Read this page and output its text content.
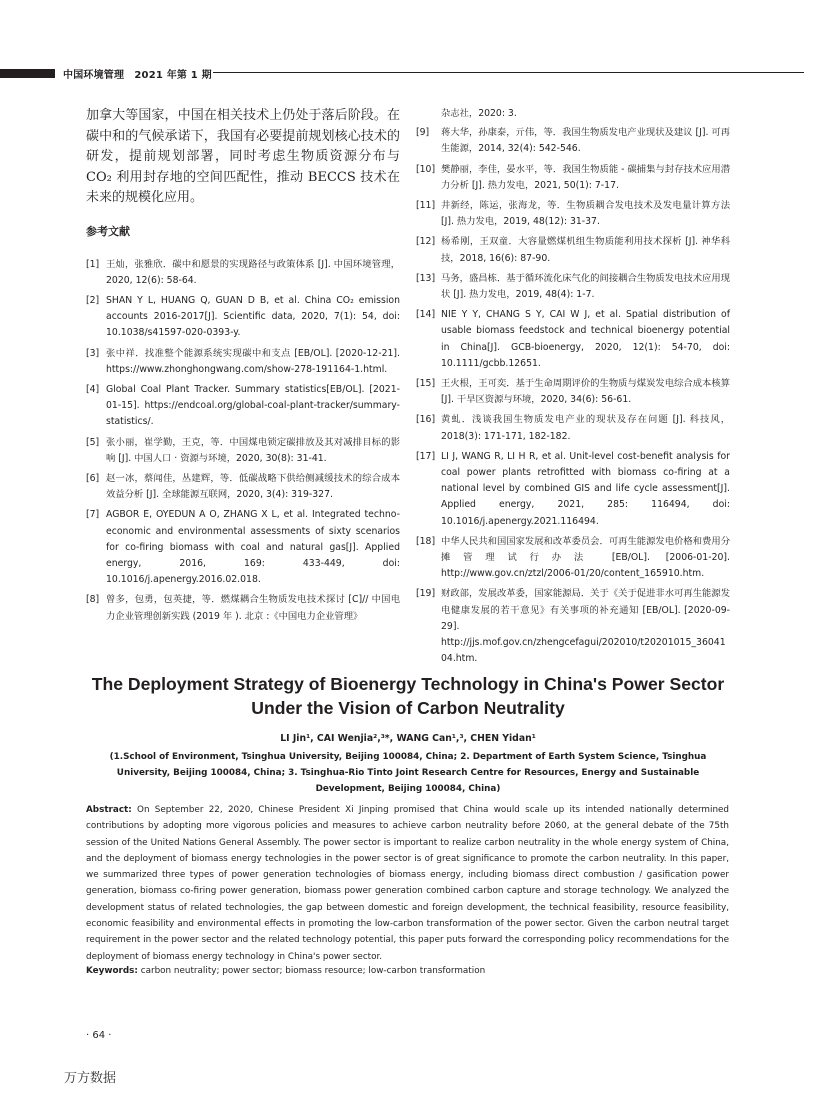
中国环境管理　2021 年第 1 期

加拿大等国家，中国在相关技术上仍处于落后阶段。在碳中和的气候承诺下，我国有必要提前规划核心技术的研发，提前规划部署，同时考虑生物质资源分布与 CO₂ 利用封存地的空间匹配性，推动 BECCS 技术在未来的规模化应用。

参考文献
[1] 王灿，张雅欣．碳中和愿景的实现路径与政策体系 [J]. 中国环境管理，2020, 12(6): 58-64.
[2] SHAN Y L, HUANG Q, GUAN D B, et al. China CO₂ emission accounts 2016-2017[J]. Scientific data, 2020, 7(1): 54, doi: 10.1038/s41597-020-0393-y.
[3] 张中祥．找准整个能源系统实现碳中和支点 [EB/OL]. [2020-12-21]. https://www.zhonghongwang.com/show-278-191164-1.html.
[4] Global Coal Plant Tracker. Summary statistics[EB/OL]. [2021-01-15]. https://endcoal.org/global-coal-plant-tracker/summary-statistics/.
[5] 张小丽，崔学勤，王克，等．中国煤电锁定碳排放及其对减排目标的影响 [J]. 中国人口 · 资源与环境，2020, 30(8): 31-41.
[6] 赵一冰，蔡闻佳，丛建辉，等．低碳战略下供给侧减缓技术的综合成本效益分析 [J]. 全球能源互联网，2020, 3(4): 319-327.
[7] AGBOR E, OYEDUN A O, ZHANG X L, et al. Integrated techno-economic and environmental assessments of sixty scenarios for co-firing biomass with coal and natural gas[J]. Applied energy, 2016, 169: 433-449, doi: 10.1016/j.apenergy.2016.02.018.
[8] 曾多，包勇，包英捷，等．燃煤耦合生物质发电技术探讨 [C]// 中国电力企业管理创新实践 (2019 年 ). 北京 :《中国电力企业管理》
杂志社，2020: 3.
[9] 蒋大华，孙康泰，亓伟，等．我国生物质发电产业现状及建议 [J]. 可再生能源，2014, 32(4): 542-546.
[10] 樊静丽，李佳，晏水平，等．我国生物质能 - 碳捕集与封存技术应用潜力分析 [J]. 热力发电，2021, 50(1): 7-17.
[11] 井新经，陈运，张海龙，等．生物质耦合发电技术及发电量计算方法 [J]. 热力发电，2019, 48(12): 31-37.
[12] 杨希刚，王双童．大容量燃煤机组生物质能利用技术探析 [J]. 神华科技，2018, 16(6): 87-90.
[13] 马务，盛昌栋．基于循环流化床气化的间接耦合生物质发电技术应用现状 [J]. 热力发电，2019, 48(4): 1-7.
[14] NIE Y Y, CHANG S Y, CAI W J, et al. Spatial distribution of usable biomass feedstock and technical bioenergy potential in China[J]. GCB-bioenergy, 2020, 12(1): 54-70, doi: 10.1111/gcbb.12651.
[15] 王火根，王可奕．基于生命周期评价的生物质与煤炭发电综合成本核算 [J]. 干旱区资源与环境，2020, 34(6): 56-61.
[16] 黄虬．浅谈我国生物质发电产业的现状及存在问题 [J]. 科技风，2018(3): 171-171, 182-182.
[17] LI J, WANG R, LI H R, et al. Unit-level cost-benefit analysis for coal power plants retrofitted with biomass co-firing at a national level by combined GIS and life cycle assessment[J]. Applied energy, 2021, 285: 116494, doi: 10.1016/j.apenergy.2021.116494.
[18] 中华人民共和国国家发展和改革委员会．可再生能源发电价格和费用分摊管理试行办法 [EB/OL]. [2006-01-20]. http://www.gov.cn/ztzl/2006-01/20/content_165910.htm.
[19] 财政部，发展改革委，国家能源局．关于《关于促进非水可再生能源发电健康发展的若干意见》有关事项的补充通知 [EB/OL]. [2020-09-29]. http://jjs.mof.gov.cn/zhengcefagui/202010/t20201015_3604104.htm.
The Deployment Strategy of Bioenergy Technology in China's Power Sector Under the Vision of Carbon Neutrality
LI Jin¹, CAI Wenjia²,³*, WANG Can¹,³, CHEN Yidan¹
(1.School of Environment, Tsinghua University, Beijing 100084, China; 2. Department of Earth System Science, Tsinghua University, Beijing 100084, China; 3. Tsinghua-Rio Tinto Joint Research Centre for Resources, Energy and Sustainable Development, Beijing 100084, China)

Abstract: On September 22, 2020, Chinese President Xi Jinping promised that China would scale up its intended nationally determined contributions by adopting more vigorous policies and measures to achieve carbon neutrality before 2060, at the general debate of the 75th session of the United Nations General Assembly. The power sector is important to realize carbon neutrality in the whole energy system of China, and the deployment of biomass energy technologies in the power sector is of great significance to promote the carbon neutrality. In this paper, we summarized three types of power generation technologies of biomass energy, including biomass direct combustion / gasification power generation, biomass co-firing power generation, biomass power generation combined carbon capture and storage technology. We analyzed the development status of related technologies, the gap between domestic and foreign development, the technical feasibility, resource feasibility, economic feasibility and environmental effects in promoting the low-carbon transformation of the power sector. Given the carbon neutral target requirement in the power sector and the related technology potential, this paper puts forward the corresponding policy recommendations for the deployment of biomass energy technology in China's power sector.

Keywords: carbon neutrality; power sector; biomass resource; low-carbon transformation
· 64 ·
万方数据
